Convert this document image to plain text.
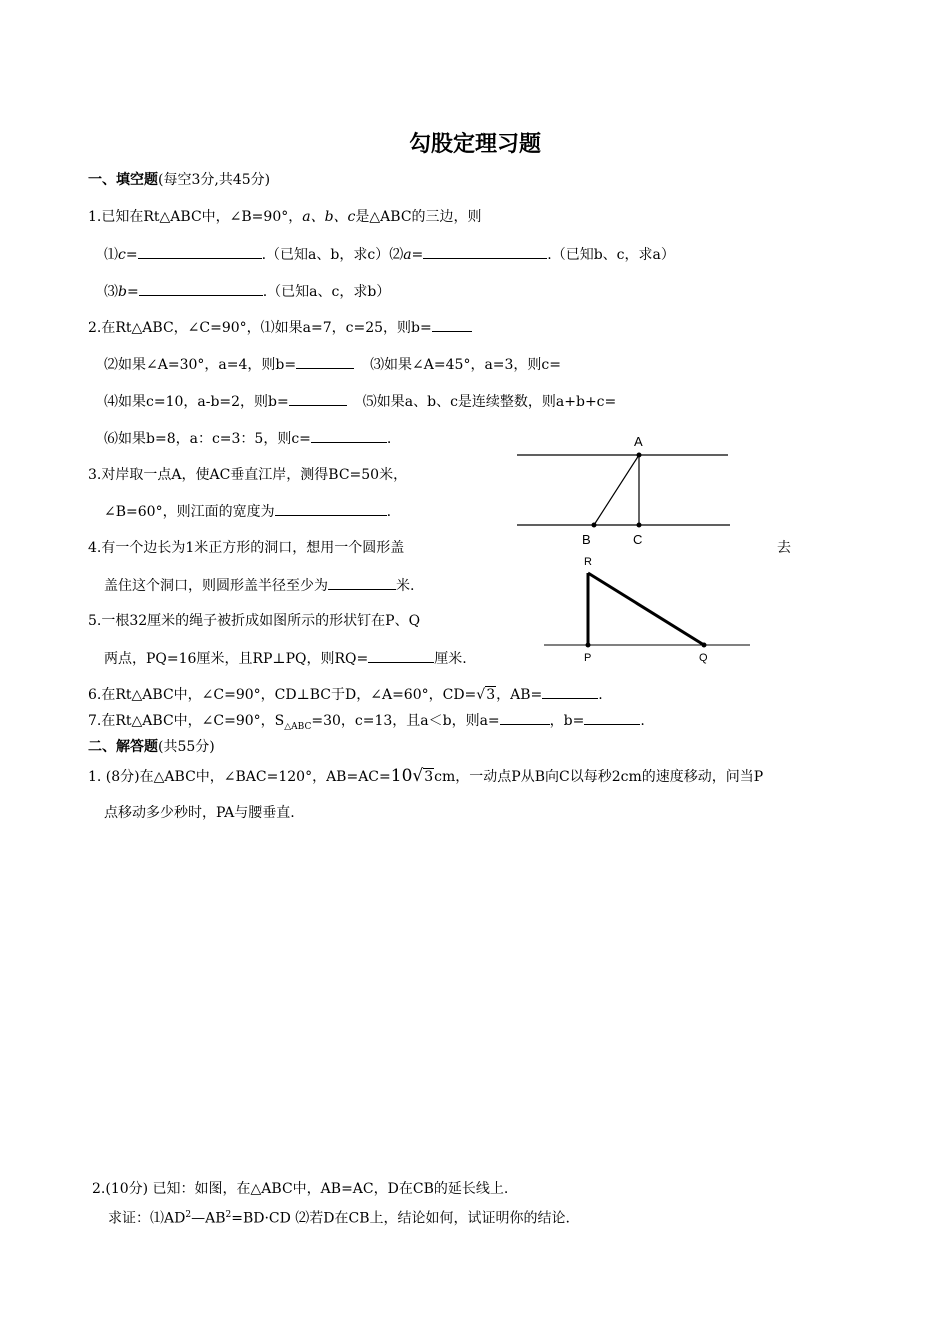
勾股定理习题
一、填空题(每空3分,共45分)
1.已知在Rt△ABC中，∠B=90°，a、b、c是△ABC的三边，则
⑴c=	.（已知a、b，求c）⑵a=	.（已知b、c，求a）
⑶b=	.（已知a、c，求b）
2.在Rt△ABC，∠C=90°，⑴如果a=7，c=25，则b=
⑵如果∠A=30°，a=4，则b=	⑶如果∠A=45°，a=3，则c=
⑷如果c=10，a-b=2，则b=	⑸如果a、b、c是连续整数，则a+b+c=
⑹如果b=8，a：c=3：5，则c=	.
3.对岸取一点A，使AC垂直江岸，测得BC=50米，
∠B=60°，则江面的宽度为	.
4.有一个边长为1米正方形的洞口，想用一个圆形盖	去
盖住这个洞口，则圆形盖半径至少为	米.
5.一根32厘米的绳子被折成如图所示的形状钉在P、Q
两点，PQ=16厘米，且RP⊥PQ，则RQ=	厘米.
6.在Rt△ABC中，∠C=90°，CD⊥BC于D，∠A=60°，CD=√3，AB=	.
7.在Rt△ABC中，∠C=90°，$S_{\triangle ABC}=30$，c=13，且a＜b，则a=	，b=	.
二、解答题(共55分)
1. (8分)在△ABC中，∠BAC=120°，AB=AC=10√3cm，一动点P从B向C以每秒2cm的速度移动，问当P
点移动多少秒时，PA与腰垂直.
2.(10分) 已知：如图，在△ABC中，AB=AC，D在CB的延长线上.
求证：$⑴AD^2—AB^2=BD\cdot CD$ ⑵若D在CB上，结论如何，试证明你的结论.
A
B	C
R
P	Q
